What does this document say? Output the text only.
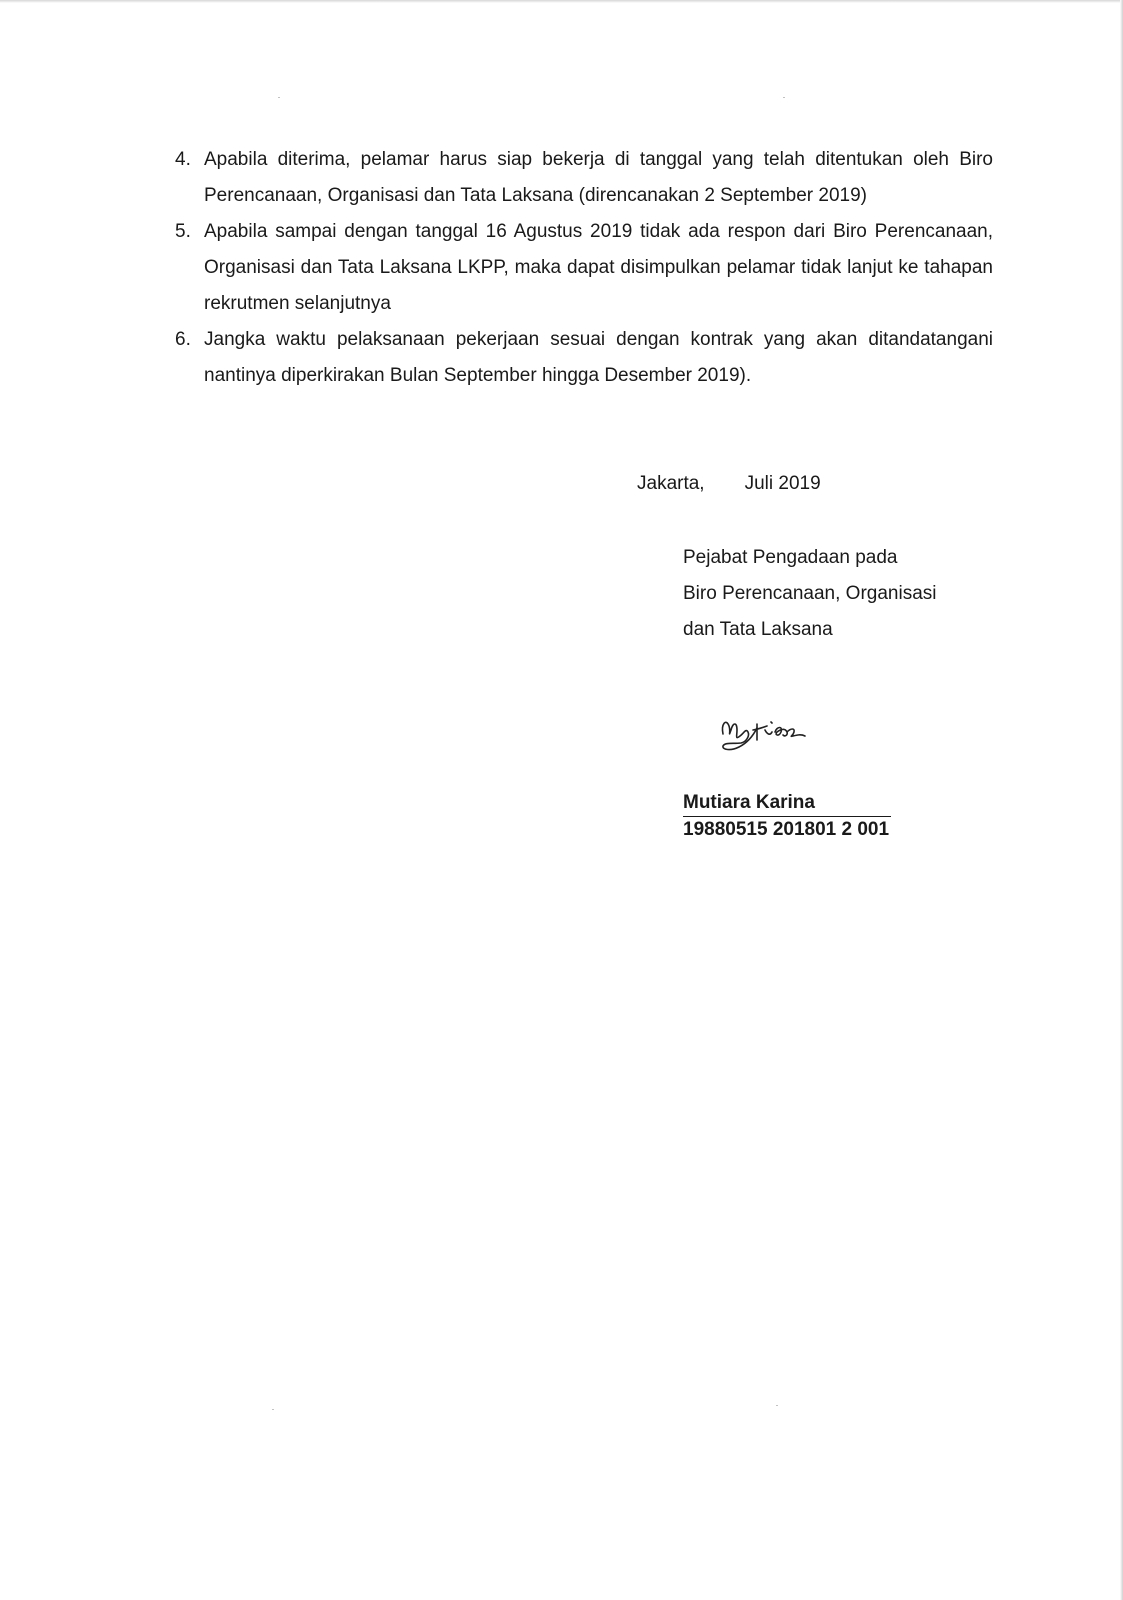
4. Apabila diterima, pelamar harus siap bekerja di tanggal yang telah ditentukan oleh Biro Perencanaan, Organisasi dan Tata Laksana (direncanakan 2 September 2019)
5. Apabila sampai dengan tanggal 16 Agustus 2019 tidak ada respon dari Biro Perencanaan, Organisasi dan Tata Laksana LKPP, maka dapat disimpulkan pelamar tidak lanjut ke tahapan rekrutmen selanjutnya
6. Jangka waktu pelaksanaan pekerjaan sesuai dengan kontrak yang akan ditandatangani nantinya diperkirakan Bulan September hingga Desember 2019).
Jakarta, Juli 2019
Pejabat Pengadaan pada
Biro Perencanaan, Organisasi
dan Tata Laksana
Mutiara Karina
19880515 201801 2 001
